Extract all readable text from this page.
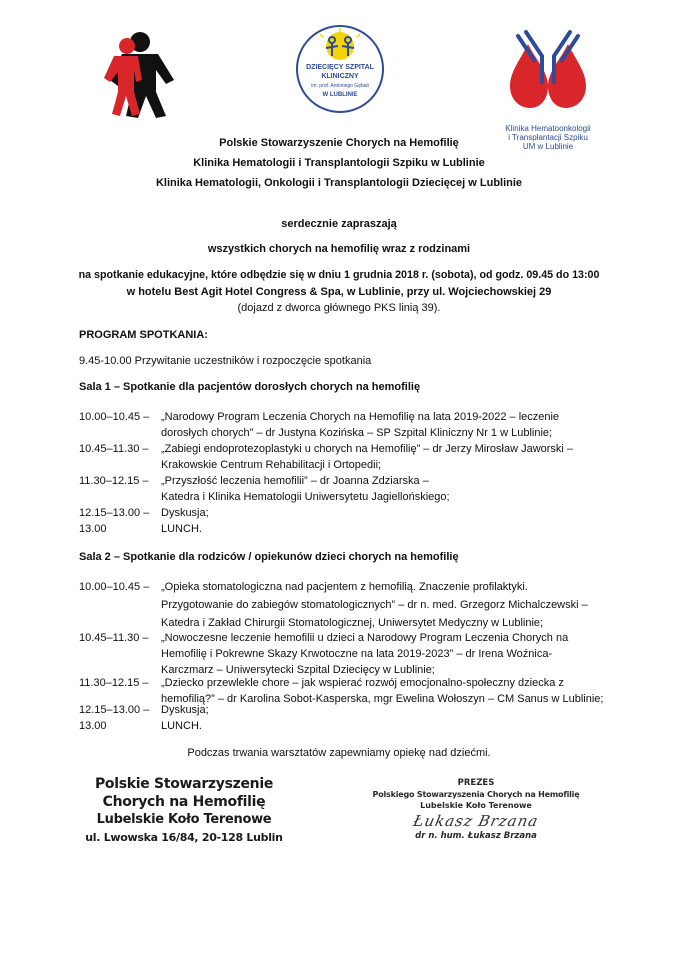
DZIECIĘCY SZPITAL
KLINICZNY
im. prof. Antoniego Gębali
W LUBLINIE
Klinika Hematoonkologii
i Transplantacji Szpiku
UM w Lublinie
Polskie Stowarzyszenie Chorych na Hemofilię
Klinika Hematologii i Transplantologii Szpiku w Lublinie
Klinika Hematologii, Onkologii i Transplantologii Dziecięcej w Lublinie
serdecznie zapraszają
wszystkich chorych na hemofilię wraz z rodzinami
na spotkanie edukacyjne, które odbędzie się w dniu 1 grudnia 2018 r. (sobota), od godz. 09.45 do 13:00
w hotelu Best Agit Hotel Congress & Spa, w Lublinie, przy ul. Wojciechowskiej 29
(dojazd z dworca głównego PKS linią 39).
PROGRAM SPOTKANIA:
9.45-10.00 Przywitanie uczestników i rozpoczęcie spotkania
Sala 1 – Spotkanie dla pacjentów dorosłych chorych na hemofilię
10.00–10.45 –	„Narodowy Program Leczenia Chorych na Hemofilię na lata 2019-2022 – leczenie
dorosłych chorych” – dr Justyna Kozińska – SP Szpital Kliniczny Nr 1 w Lublinie;
10.45–11.30 –	„Zabiegi endoprotezoplastyki u chorych na Hemofilię” – dr Jerzy Mirosław Jaworski –
Krakowskie Centrum Rehabilitacji i Ortopedii;
11.30–12.15 –	„Przyszłość leczenia hemofilii” – dr Joanna Zdziarska –
Katedra i Klinika Hematologii Uniwersytetu Jagiellońskiego;
12.15–13.00 –	Dyskusja;
13.00	LUNCH.
Sala 2 – Spotkanie dla rodziców / opiekunów dzieci chorych na hemofilię
10.00–10.45 –	„Opieka stomatologiczna nad pacjentem z hemofilią. Znaczenie profilaktyki.
Przygotowanie do zabiegów stomatologicznych” – dr n. med. Grzegorz Michalczewski –
Katedra i Zakład Chirurgii Stomatologicznej, Uniwersytet Medyczny w Lublinie;
10.45–11.30 –	„Nowoczesne leczenie hemofilii u dzieci a Narodowy Program Leczenia Chorych na
Hemofilię i Pokrewne Skazy Krwotoczne na lata 2019-2023” – dr Irena Woźnica-
Karczmarz – Uniwersytecki Szpital Dziecięcy w Lublinie;
11.30–12.15 –	„Dziecko przewlekle chore – jak wspierać rozwój emocjonalno-społeczny dziecka z
hemofilią?” – dr Karolina Sobot-Kasperska, mgr Ewelina Wołoszyn – CM Sanus w Lublinie;
12.15–13.00 –	Dyskusja;
13.00	LUNCH.
Podczas trwania warsztatów zapewniamy opiekę nad dziećmi.
Polskie Stowarzyszenie
Chorych na Hemofilię
Lubelskie Koło Terenowe
ul. Lwowska 16/84, 20-128 Lublin
PREZES
Polskiego Stowarzyszenia Chorych na Hemofilię
Lubelskie Koło Terenowe
Łukasz Brzana
dr n. hum. Łukasz Brzana
